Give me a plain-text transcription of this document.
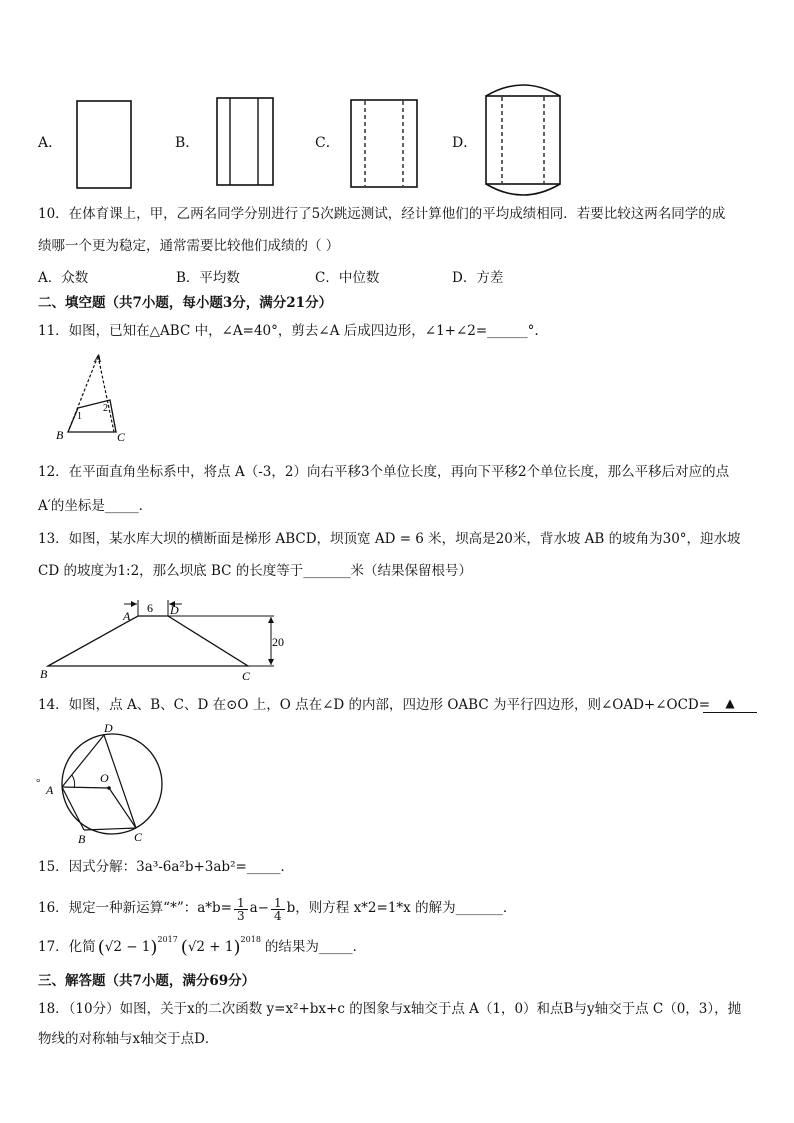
A．	B．	C．	D．
10．在体育课上，甲，乙两名同学分别进行了5次跳远测试，经计算他们的平均成绩相同．若要比较这两名同学的成
绩哪一个更为稳定，通常需要比较他们成绩的（ ）
A．众数	B．平均数	C．中位数	D．方差
二、填空题（共7小题，每小题3分，满分21分）
11．如图，已知在△ABC 中，∠A=40°，剪去∠A 后成四边形，∠1+∠2=______°.
A
B	C
1
2
12．在平面直角坐标系中，将点 A（-3，2）向右平移3个单位长度，再向下平移2个单位长度，那么平移后对应的点
A′的坐标是_____．
13．如图，某水库大坝的横断面是梯形 ABCD，坝顶宽 AD = 6 米，坝高是20米，背水坡 AB 的坡角为30°，迎水坡
CD 的坡度为1:2，那么坝底 BC 的长度等于_______米（结果保留根号）
6
20
A	D
B	C
14．如图，点 A、B、C、D 在⊙O 上，O 点在∠D 的内部，四边形 OABC 为平行四边形，则∠OAD+∠OCD=	▲
D
A
°
B	C
O
15．因式分解：3a³-6a²b+3ab²=_____．
16．规定一种新运算“*”：$a*b= \frac{1}{3} a- \frac{1}{4}$ b，则方程 x*2=1*x 的解为_______．
17．化简 ( √2 − 1 )$^{2017}$ ( √2 + 1 )$^{2018}$ 的结果为_____．
三、解答题（共7小题，满分69分）
18．（10分）如图，关于x的二次函数 y=x²+bx+c 的图象与x轴交于点 A（1，0）和点B与y轴交于点 C（0，3），抛
物线的对称轴与x轴交于点D．
